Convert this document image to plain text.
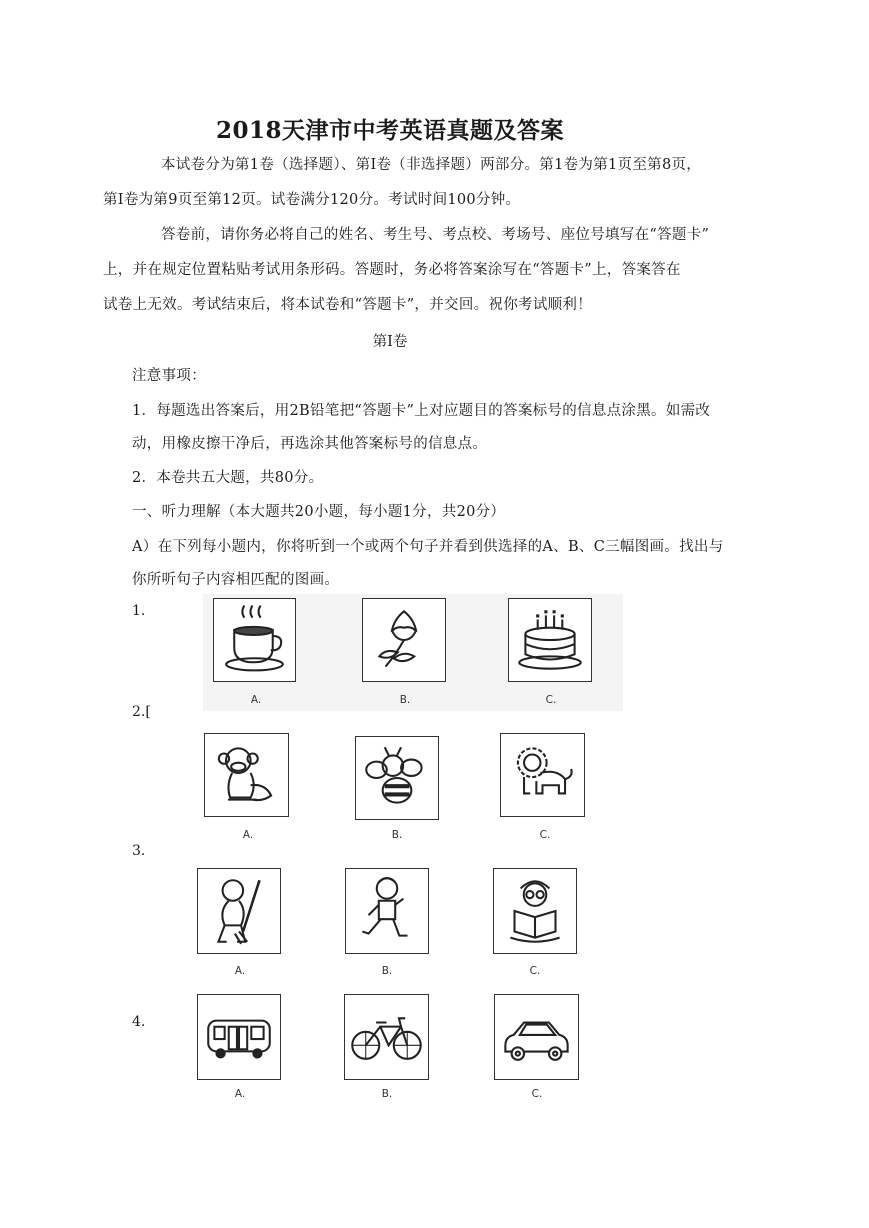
2018天津市中考英语真题及答案
本试卷分为第1卷（选择题）、第Ⅰ卷（非选择题）两部分。第1卷为第1页至第8页，
第Ⅰ卷为第9页至第12页。试卷满分120分。考试时间100分钟。
答卷前，请你务必将自己的姓名、考生号、考点校、考场号、座位号填写在“答题卡”
上，并在规定位置粘贴考试用条形码。答题时，务必将答案涂写在“答题卡”上，答案答在
试卷上无效。考试结束后，将本试卷和“答题卡”，并交回。祝你考试顺利！
第Ⅰ卷
注意事项：
1．每题选出答案后，用2B铅笔把“答题卡”上对应题目的答案标号的信息点涂黑。如需改
动，用橡皮擦干净后，再选涂其他答案标号的信息点。
2．本卷共五大题，共80分。
一、听力理解（本大题共20小题，每小题1分，共20分）
A）在下列每小题内，你将听到一个或两个句子并看到供选择的A、B、C三幅图画。找出与
你所听句子内容相匹配的图画。
1.
A.	B.	C.
2.[
A.	B.	C.
3.
A.	B.	C.
4.
A.	B.	C.
